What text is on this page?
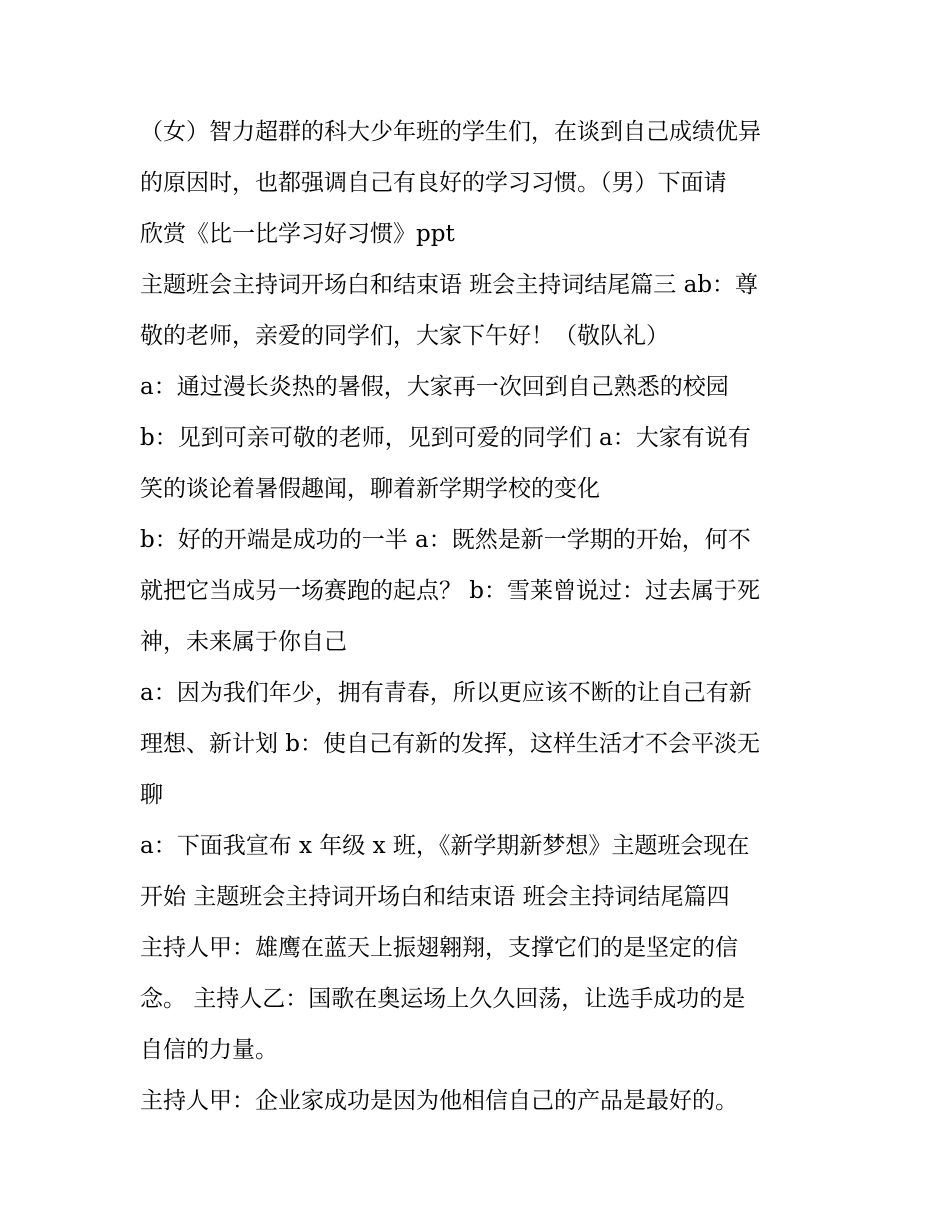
（女）智力超群的科大少年班的学生们，在谈到自己成绩优异
的原因时，也都强调自己有良好的学习习惯。（男）下面请
欣赏《比一比学习好习惯》ppt

主题班会主持词开场白和结束语 班会主持词结尾篇三 ab：尊
敬的老师，亲爱的同学们，大家下午好！（敬队礼）

a：通过漫长炎热的暑假，大家再一次回到自己熟悉的校园

b：见到可亲可敬的老师，见到可爱的同学们 a：大家有说有
笑的谈论着暑假趣闻，聊着新学期学校的变化

b：好的开端是成功的一半 a：既然是新一学期的开始，何不
就把它当成另一场赛跑的起点？ b：雪莱曾说过：过去属于死
神，未来属于你自己

a：因为我们年少，拥有青春，所以更应该不断的让自己有新
理想、新计划 b：使自己有新的发挥，这样生活才不会平淡无
聊

a：下面我宣布 x 年级 x 班，《新学期新梦想》主题班会现在
开始 主题班会主持词开场白和结束语 班会主持词结尾篇四
主持人甲：雄鹰在蓝天上振翅翱翔，支撑它们的是坚定的信
念。 主持人乙：国歌在奥运场上久久回荡，让选手成功的是
自信的力量。

主持人甲：企业家成功是因为他相信自己的产品是最好的。
